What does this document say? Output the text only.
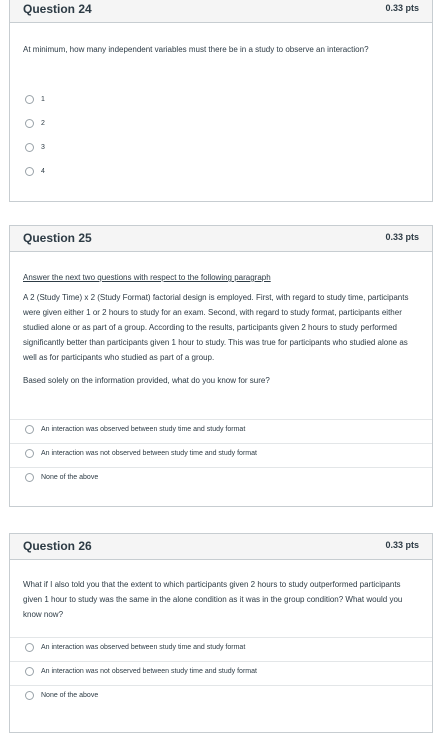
Question 24	0.33 pts
At minimum, how many independent variables must there be in a study to observe an interaction?
1
2
3
4
Question 25	0.33 pts

Answer the next two questions with respect to the following paragraph

A 2 (Study Time) x 2 (Study Format) factorial design is employed. First, with regard to study time, participants were given either 1 or 2 hours to study for an exam. Second, with regard to study format, participants either studied alone or as part of a group. According to the results, participants given 2 hours to study performed significantly better than participants given 1 hour to study. This was true for participants who studied alone as well as for participants who studied as part of a group.

Based solely on the information provided, what do you know for sure?

An interaction was observed between study time and study format
An interaction was not observed between study time and study format
None of the above
Question 26	0.33 pts
What if I also told you that the extent to which participants given 2 hours to study outperformed participants given 1 hour to study was the same in the alone condition as it was in the group condition? What would you know now?
An interaction was observed between study time and study format
An interaction was not observed between study time and study format
None of the above
